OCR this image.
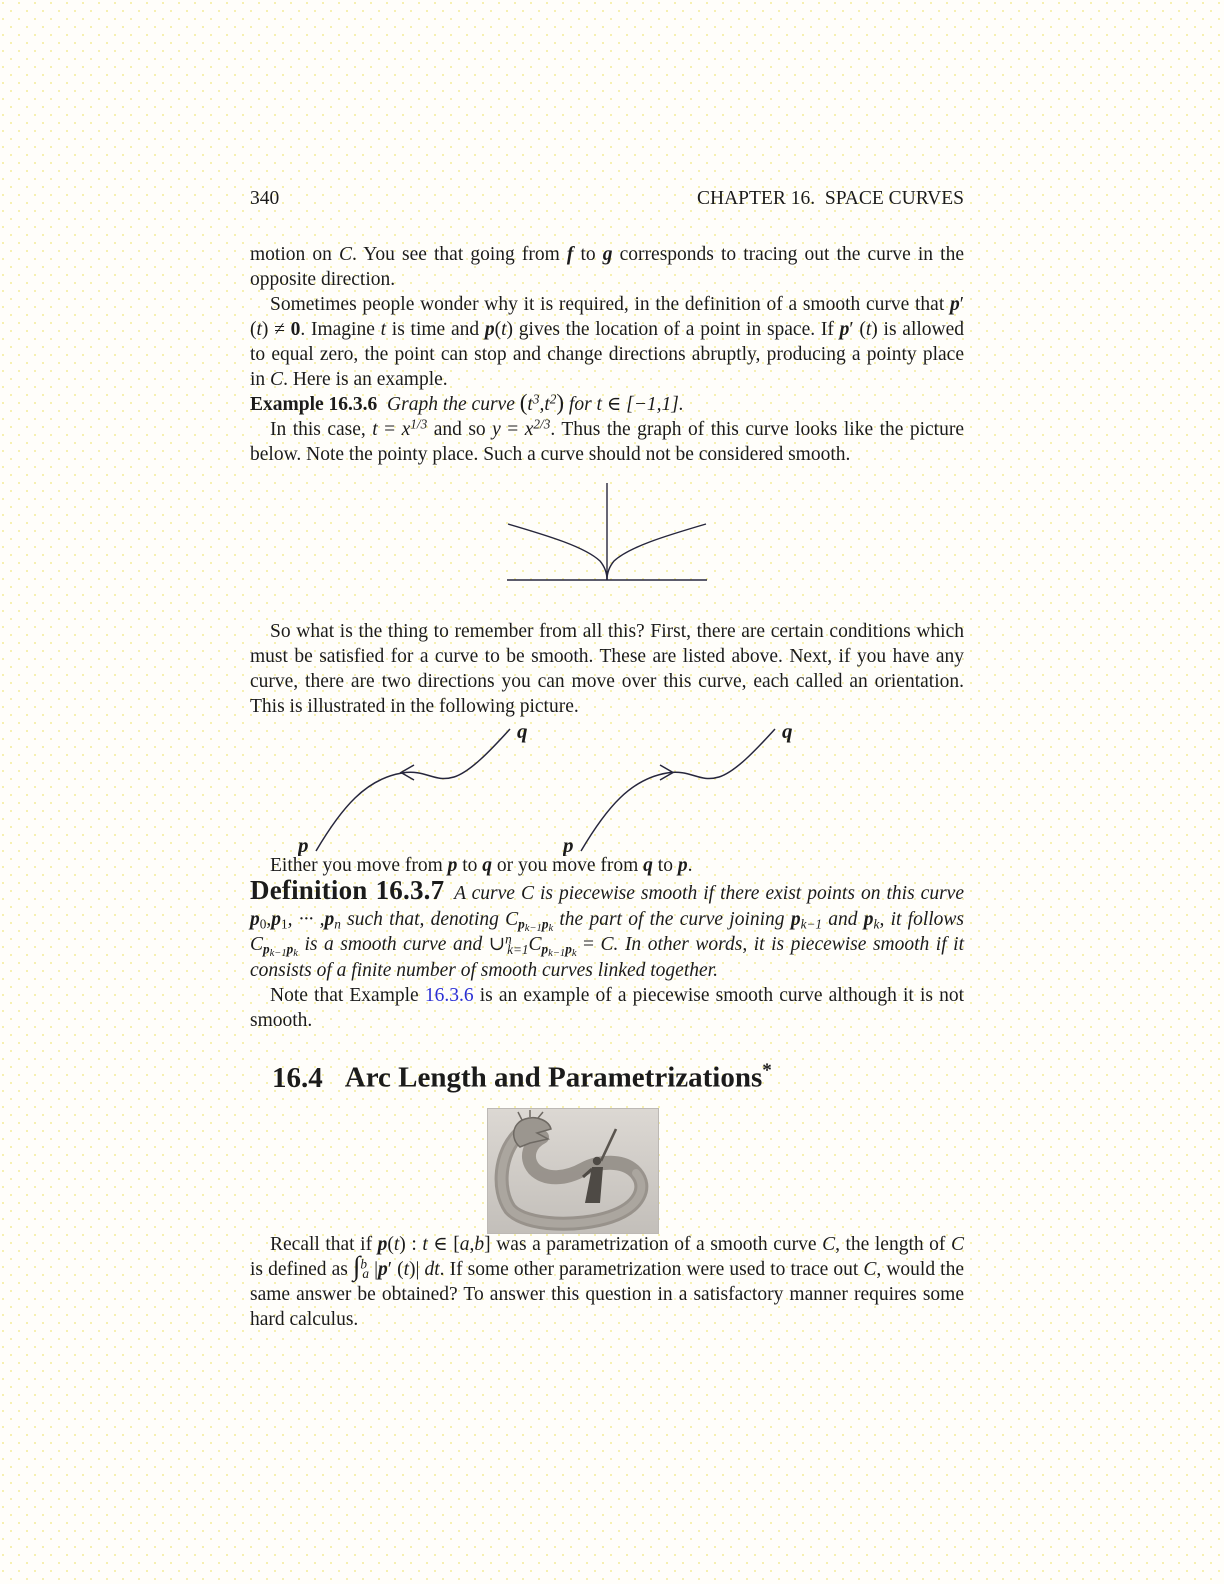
340	CHAPTER 16.  SPACE CURVES

motion on C. You see that going from f to g corresponds to tracing out the curve in the opposite direction.

Sometimes people wonder why it is required, in the definition of a smooth curve that p′ (t) ≠ 0. Imagine t is time and p(t) gives the location of a point in space. If p′ (t) is allowed to equal zero, the point can stop and change directions abruptly, producing a pointy place in C. Here is an example.

Example 16.3.6  Graph the curve $(t^3,t^2)$ for t ∈ [−1,1].

In this case, $t = x^{1/3}$ and so $y = x^{2/3}$. Thus the graph of this curve looks like the picture below. Note the pointy place. Such a curve should not be considered smooth.

So what is the thing to remember from all this? First, there are certain conditions which must be satisfied for a curve to be smooth. These are listed above. Next, if you have any curve, there are two directions you can move over this curve, each called an orientation. This is illustrated in the following picture.

p
q
p
q

Either you move from p to q or you move from q to p.

Definition 16.3.7  A curve C is piecewise smooth if there exist points on this curve $p_0,p_1$, ··· $,p_n$ such that, denoting $C_{pk-1pk}$ the part of the curve joining $p_{k-1}$ and $p_k$, it follows $C_{pk-1pk}$ is a smooth curve and $\cup^n_{k=1}C_{pk-1pk} = C$. In other words, it is piecewise smooth if it consists of a finite number of smooth curves linked together.

Note that Example 16.3.6 is an example of a piecewise smooth curve although it is not smooth.

16.4 Arc Length and Parametrizations*

Recall that if p(t) : t ∈ [a,b] was a parametrization of a smooth curve C, the length of C is defined as ∫$^b_a$ |p′ (t)| dt. If some other parametrization were used to trace out C, would the same answer be obtained? To answer this question in a satisfactory manner requires some hard calculus.
